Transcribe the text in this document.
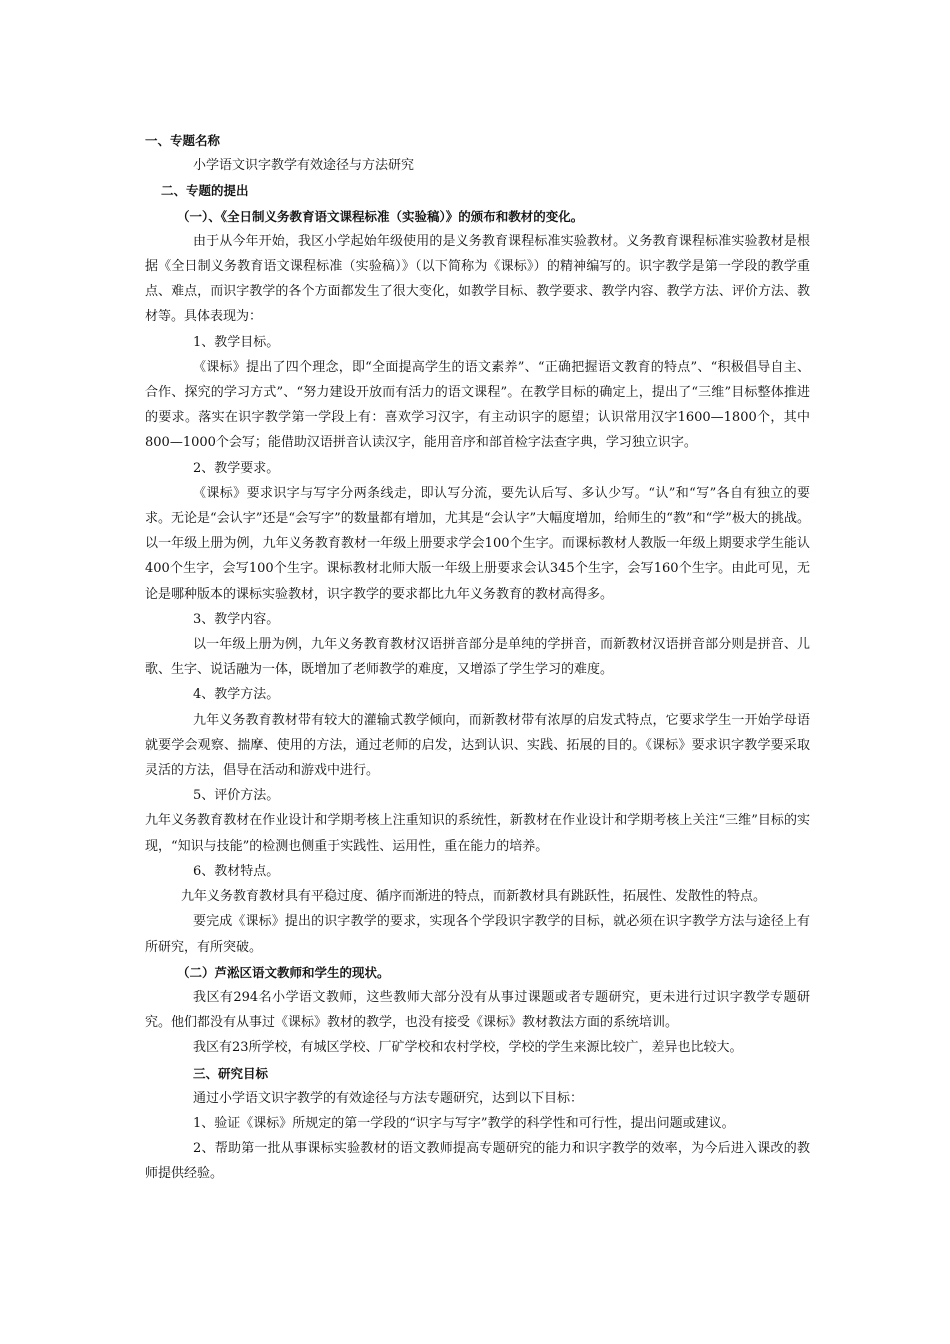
一、专题名称

小学语文识字教学有效途径与方法研究

二、专题的提出

（一）、《全日制义务教育语文课程标准（实验稿）》的颁布和教材的变化。

由于从今年开始，我区小学起始年级使用的是义务教育课程标准实验教材。义务教育课程标准实验教材是根据《全日制义务教育语文课程标准（实验稿）》（以下简称为《课标》）的精神编写的。识字教学是第一学段的教学重点、难点，而识字教学的各个方面都发生了很大变化，如教学目标、教学要求、教学内容、教学方法、评价方法、教材等。具体表现为：

1、教学目标。

《课标》提出了四个理念，即“全面提高学生的语文素养”、“正确把握语文教育的特点”、“积极倡导自主、合作、探究的学习方式”、“努力建设开放而有活力的语文课程”。在教学目标的确定上，提出了“三维”目标整体推进的要求。落实在识字教学第一学段上有：喜欢学习汉字，有主动识字的愿望；认识常用汉字1600—1800个，其中800—1000个会写；能借助汉语拼音认读汉字，能用音序和部首检字法查字典，学习独立识字。

2、教学要求。

《课标》要求识字与写字分两条线走，即认写分流，要先认后写、多认少写。“认”和“写”各自有独立的要求。无论是“会认字”还是“会写字”的数量都有增加，尤其是“会认字”大幅度增加，给师生的“教”和“学”极大的挑战。以一年级上册为例，九年义务教育教材一年级上册要求学会100个生字。而课标教材人教版一年级上期要求学生能认400个生字，会写100个生字。课标教材北师大版一年级上册要求会认345个生字，会写160个生字。由此可见，无论是哪种版本的课标实验教材，识字教学的要求都比九年义务教育的教材高得多。

3、教学内容。

以一年级上册为例，九年义务教育教材汉语拼音部分是单纯的学拼音，而新教材汉语拼音部分则是拼音、儿歌、生字、说话融为一体，既增加了老师教学的难度，又增添了学生学习的难度。

4、教学方法。

九年义务教育教材带有较大的灌输式教学倾向，而新教材带有浓厚的启发式特点，它要求学生一开始学母语就要学会观察、揣摩、使用的方法，通过老师的启发，达到认识、实践、拓展的目的。《课标》要求识字教学要采取灵活的方法，倡导在活动和游戏中进行。

5、评价方法。

九年义务教育教材在作业设计和学期考核上注重知识的系统性，新教材在作业设计和学期考核上关注“三维”目标的实现，“知识与技能”的检测也侧重于实践性、运用性，重在能力的培养。

6、教材特点。

九年义务教育教材具有平稳过度、循序而渐进的特点，而新教材具有跳跃性，拓展性、发散性的特点。

要完成《课标》提出的识字教学的要求，实现各个学段识字教学的目标，就必须在识字教学方法与途径上有所研究，有所突破。

（二）芦淞区语文教师和学生的现状。

我区有294名小学语文教师，这些教师大部分没有从事过课题或者专题研究，更未进行过识字教学专题研究。他们都没有从事过《课标》教材的教学，也没有接受《课标》教材教法方面的系统培训。

我区有23所学校，有城区学校、厂矿学校和农村学校，学校的学生来源比较广，差异也比较大。

三、研究目标

通过小学语文识字教学的有效途径与方法专题研究，达到以下目标：

1、验证《课标》所规定的第一学段的“识字与写字”教学的科学性和可行性，提出问题或建议。

2、帮助第一批从事课标实验教材的语文教师提高专题研究的能力和识字教学的效率，为今后进入课改的教师提供经验。
